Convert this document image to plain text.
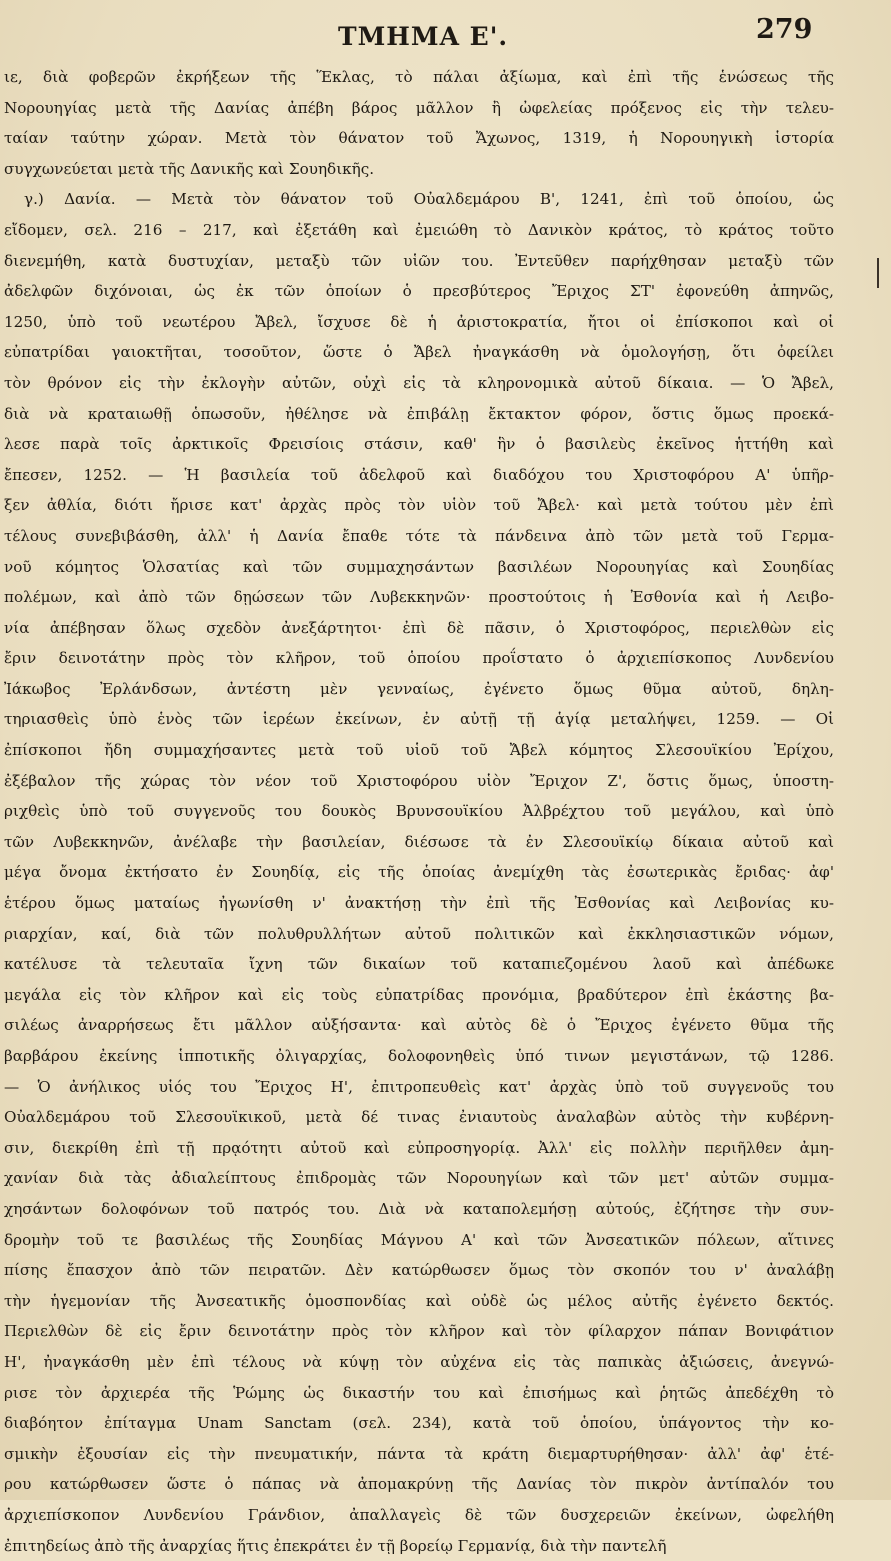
ΤΜΗΜΑ Ε'.	279
ιε, διὰ φοβερῶν ἐκρήξεων τῆς Ἕκλας, τὸ πάλαι ἀξίωμα, καὶ ἐπὶ τῆς ἑνώσεως τῆς
Νορουηγίας μετὰ τῆς Δανίας ἀπέβη βάρος μᾶλλον ἢ ὠφελείας πρόξενος εἰς τὴν τελευ-
ταίαν ταύτην χώραν. Μετὰ τὸν θάνατον τοῦ Ἄχωνος, 1319, ἡ Νορουηγικὴ ἱστορία
συγχωνεύεται μετὰ τῆς Δανικῆς καὶ Σουηδικῆς.
γ.) Δανία. — Μετὰ τὸν θάνατον τοῦ Οὐαλδεμάρου Β', 1241, ἐπὶ τοῦ ὁποίου, ὡς
εἴδομεν, σελ. 216 – 217, καὶ ἐξετάθη καὶ ἐμειώθη τὸ Δανικὸν κράτος, τὸ κράτος τοῦτο
διενεμήθη, κατὰ δυστυχίαν, μεταξὺ τῶν υἱῶν του. Ἐντεῦθεν παρήχθησαν μεταξὺ τῶν
ἀδελφῶν διχόνοιαι, ὡς ἐκ τῶν ὁποίων ὁ πρεσβύτερος Ἔριχος ΣΤ' ἐφονεύθη ἀπηνῶς,
1250, ὑπὸ τοῦ νεωτέρου Ἄβελ, ἴσχυσε δὲ ἡ ἀριστοκρατία, ἤτοι οἱ ἐπίσκοποι καὶ οἱ
εὐπατρίδαι γαιοκτῆται, τοσοῦτον, ὥστε ὁ Ἄβελ ἠναγκάσθη νὰ ὁμολογήσῃ, ὅτι ὀφείλει
τὸν θρόνον εἰς τὴν ἐκλογὴν αὐτῶν, οὐχὶ εἰς τὰ κληρονομικὰ αὐτοῦ δίκαια. — Ὁ Ἄβελ,
διὰ νὰ κραταιωθῇ ὁπωσοῦν, ἠθέλησε νὰ ἐπιβάλῃ ἔκτακτον φόρον, ὅστις ὅμως προεκά-
λεσε παρὰ τοῖς ἀρκτικοῖς Φρεισίοις στάσιν, καθ' ἣν ὁ βασιλεὺς ἐκεῖνος ἡττήθη καὶ
ἔπεσεν, 1252. — Ἡ βασιλεία τοῦ ἀδελφοῦ καὶ διαδόχου του Χριστοφόρου Α' ὑπῆρ-
ξεν ἀθλία, διότι ἤρισε κατ' ἀρχὰς πρὸς τὸν υἱὸν τοῦ Ἄβελ· καὶ μετὰ τούτου μὲν ἐπὶ
τέλους συνεβιβάσθη, ἀλλ' ἡ Δανία ἔπαθε τότε τὰ πάνδεινα ἀπὸ τῶν μετὰ τοῦ Γερμα-
νοῦ κόμητος Ὁλσατίας καὶ τῶν συμμαχησάντων βασιλέων Νορουηγίας καὶ Σουηδίας
πολέμων, καὶ ἀπὸ τῶν δῃώσεων τῶν Λυβεκκηνῶν· προστούτοις ἡ Ἐσθονία καὶ ἡ Λειβο-
νία ἀπέβησαν ὅλως σχεδὸν ἀνεξάρτητοι· ἐπὶ δὲ πᾶσιν, ὁ Χριστοφόρος, περιελθὼν εἰς
ἔριν δεινοτάτην πρὸς τὸν κλῆρον, τοῦ ὁποίου προΐστατο ὁ ἀρχιεπίσκοπος Λυνδενίου
Ἰάκωβος Ἐρλάνδσων, ἀντέστη μὲν γενναίως, ἐγένετο ὅμως θῦμα αὐτοῦ, δηλη-
τηριασθεὶς ὑπὸ ἑνὸς τῶν ἱερέων ἐκείνων, ἐν αὐτῇ τῇ ἁγίᾳ μεταλήψει, 1259. — Οἱ
ἐπίσκοποι ἤδη συμμαχήσαντες μετὰ τοῦ υἱοῦ τοῦ Ἄβελ κόμητος Σλεσουϊκίου Ἐρίχου,
ἐξέβαλον τῆς χώρας τὸν νέον τοῦ Χριστοφόρου υἱὸν Ἔριχον Ζ', ὅστις ὅμως, ὑποστη-
ριχθεὶς ὑπὸ τοῦ συγγενοῦς του δουκὸς Βρυνσουϊκίου Ἀλβρέχτου τοῦ μεγάλου, καὶ ὑπὸ
τῶν Λυβεκκηνῶν, ἀνέλαβε τὴν βασιλείαν, διέσωσε τὰ ἐν Σλεσουϊκίῳ δίκαια αὐτοῦ καὶ
μέγα ὄνομα ἐκτήσατο ἐν Σουηδίᾳ, εἰς τῆς ὁποίας ἀνεμίχθη τὰς ἐσωτερικὰς ἔριδας· ἀφ'
ἑτέρου ὅμως ματαίως ἠγωνίσθη ν' ἀνακτήσῃ τὴν ἐπὶ τῆς Ἐσθονίας καὶ Λειβονίας κυ-
ριαρχίαν, καί, διὰ τῶν πολυθρυλλήτων αὐτοῦ πολιτικῶν καὶ ἐκκλησιαστικῶν νόμων,
κατέλυσε τὰ τελευταῖα ἴχνη τῶν δικαίων τοῦ καταπιεζομένου λαοῦ καὶ ἀπέδωκε
μεγάλα εἰς τὸν κλῆρον καὶ εἰς τοὺς εὐπατρίδας προνόμια, βραδύτερον ἐπὶ ἑκάστης βα-
σιλέως ἀναρρήσεως ἔτι μᾶλλον αὐξήσαντα· καὶ αὐτὸς δὲ ὁ Ἔριχος ἐγένετο θῦμα τῆς
βαρβάρου ἐκείνης ἱπποτικῆς ὀλιγαρχίας, δολοφονηθεὶς ὑπό τινων μεγιστάνων, τῷ 1286.
— Ὁ ἀνήλικος υἱός του Ἔριχος Η', ἐπιτροπευθεὶς κατ' ἀρχὰς ὑπὸ τοῦ συγγενοῦς του
Οὐαλδεμάρου τοῦ Σλεσουϊκικοῦ, μετὰ δέ τινας ἐνιαυτοὺς ἀναλαβὼν αὐτὸς τὴν κυβέρνη-
σιν, διεκρίθη ἐπὶ τῇ πρᾳότητι αὐτοῦ καὶ εὐπροσηγορίᾳ. Ἀλλ' εἰς πολλὴν περιῆλθεν ἀμη-
χανίαν διὰ τὰς ἀδιαλείπτους ἐπιδρομὰς τῶν Νορουηγίων καὶ τῶν μετ' αὐτῶν συμμα-
χησάντων δολοφόνων τοῦ πατρός του. Διὰ νὰ καταπολεμήσῃ αὐτούς, ἐζήτησε τὴν συν-
δρομὴν τοῦ τε βασιλέως τῆς Σουηδίας Μάγνου Α' καὶ τῶν Ἀνσεατικῶν πόλεων, αἵτινες
πίσης ἔπασχον ἀπὸ τῶν πειρατῶν. Δὲν κατώρθωσεν ὅμως τὸν σκοπόν του ν' ἀναλάβῃ
τὴν ἡγεμονίαν τῆς Ἀνσεατικῆς ὁμοσπονδίας καὶ οὐδὲ ὡς μέλος αὐτῆς ἐγένετο δεκτός.
Περιελθὼν δὲ εἰς ἔριν δεινοτάτην πρὸς τὸν κλῆρον καὶ τὸν φίλαρχον πάπαν Βονιφάτιον
Η', ἠναγκάσθη μὲν ἐπὶ τέλους νὰ κύψῃ τὸν αὐχένα εἰς τὰς παπικὰς ἀξιώσεις, ἀνεγνώ-
ρισε τὸν ἀρχιερέα τῆς Ῥώμης ὡς δικαστήν του καὶ ἐπισήμως καὶ ῥητῶς ἀπεδέχθη τὸ
διαβόητον ἐπίταγμα Unam Sanctam (σελ. 234), κατὰ τοῦ ὁποίου, ὑπάγοντος τὴν κο-
σμικὴν ἐξουσίαν εἰς τὴν πνευματικήν, πάντα τὰ κράτη διεμαρτυρήθησαν· ἀλλ' ἀφ' ἑτέ-
ρου κατώρθωσεν ὥστε ὁ πάπας νὰ ἀπομακρύνῃ τῆς Δανίας τὸν πικρὸν ἀντίπαλόν του
ἀρχιεπίσκοπον Λυνδενίου Γράνδιον, ἀπαλλαγεὶς δὲ τῶν δυσχερειῶν ἐκείνων, ὠφελήθη
ἐπιτηδείως ἀπὸ τῆς ἀναρχίας ἥτις ἐπεκράτει ἐν τῇ βορείῳ Γερμανίᾳ, διὰ τὴν παντελῆ
